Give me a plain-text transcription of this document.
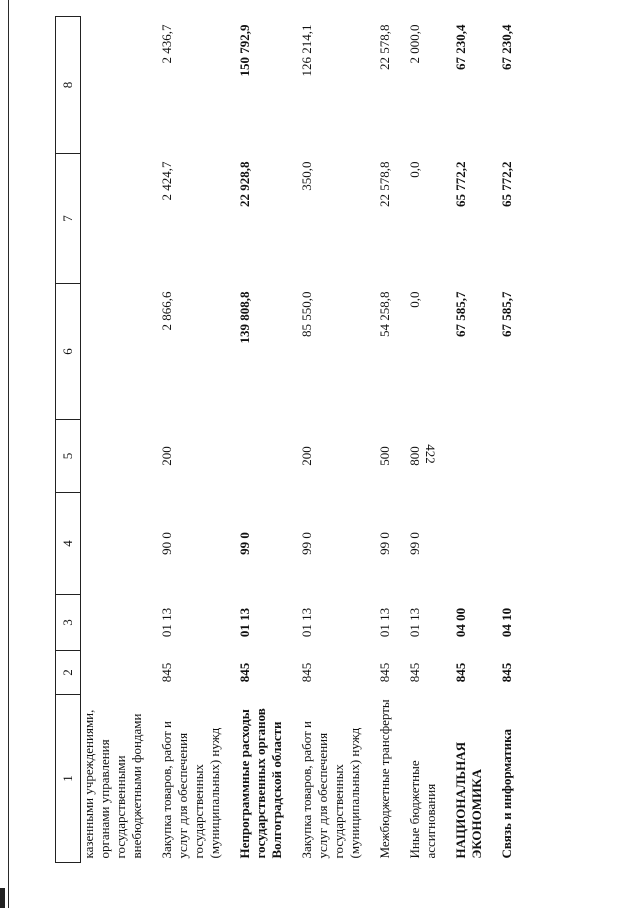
422
1	2	3	4	5	6	7	8
казенными учреждениями, органами управления государственными внебюджетными фондами							

Закупка товаров, работ и услуг для обеспечения государственных (муниципальных) нужд	845	01 13	90 0	200	2 866,6	2 424,7	2 436,7

Непрограммные расходы государственных органов Волгоградской области	845	01 13	99 0		139 808,8	22 928,8	150 792,9

Закупка товаров, работ и услуг для обеспечения государственных (муниципальных) нужд	845	01 13	99 0	200	85 550,0	350,0	126 214,1

Межбюджетные трансферты	845	01 13	99 0	500	54 258,8	22 578,8	22 578,8

Иные бюджетные ассигнования	845	01 13	99 0	800	0,0	0,0	2 000,0

НАЦИОНАЛЬНАЯ ЭКОНОМИКА	845	04 00			67 585,7	65 772,2	67 230,4

Связь и информатика	845	04 10			67 585,7	65 772,2	67 230,4
